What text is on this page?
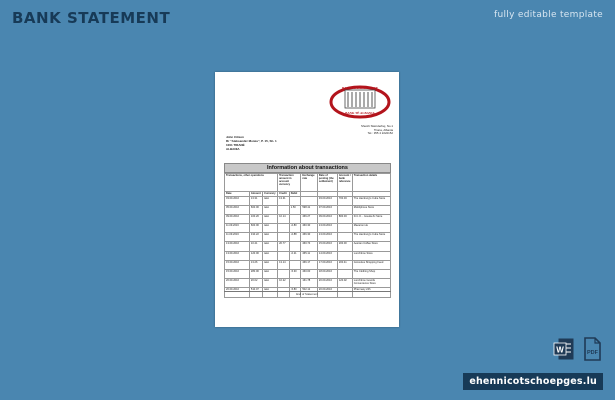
BANK STATEMENT	fully editable template
BANKA E KOMBËTARE
BANK TË ALBANIA
Sheshi Skënderbej, No.1
Tirana, Albania
Tel.: 355 4 2222152
John Citizen
Rr "Aleksandër Moisiu", P. 15, Sh. 1
1001 TIRANË
ALBANIA
Information about transactions
Transactions, other operations			Transaction amount in account currency		Exchange rate	Date of posting (the settlement)	Account / bank reference	Transaction details
Date	Amount	Currency	Credit	Debit				
03.09.2016	13.31	lekë	13.31			03.09.2016	700.03	The Hamburg's Cube Store
05.09.2016	600.00	lekë		1.50	598.41	07.09.2016		Mobilphone Store
09.09.2016	100.20	lekë	10.14		466.27	09.09.2016	800.03	D.C.O. - Gouda Zc Store
11.09.2016	600.00	lekë		-0.80	460.30	13.09.2016		Macaroni uk
11.09.2016	310.22	lekë		-0.88	466.30	13.09.2016		The Hamburg's Cube Store
13.09.2016	10.41	lekë	20.77		460.74	15.09.2016	200.00	Aesrian Coffee Store
13.09.2016	120.00	lekë		-0.21	465.11	14.09.2016		Lunchtime Store
15.09.2016	13.26	lekë	13.14		466.17	17.09.2016	200.41	Groceries Shopping Feed
15.09.2016	280.00	lekë		-5.30	460.00	18.09.2016		The Clothing Shop
20.09.2016	20.02	lekë	10.22		161.78	20.09.2016	120.02	Lunchtime Gourds Convenience Store
20.09.2016	510.07	lekë		-5.80	502.12	20.09.2016		Pharmacy 24h
End of Statement
W	PDF
ehennicotschoepges.lu
